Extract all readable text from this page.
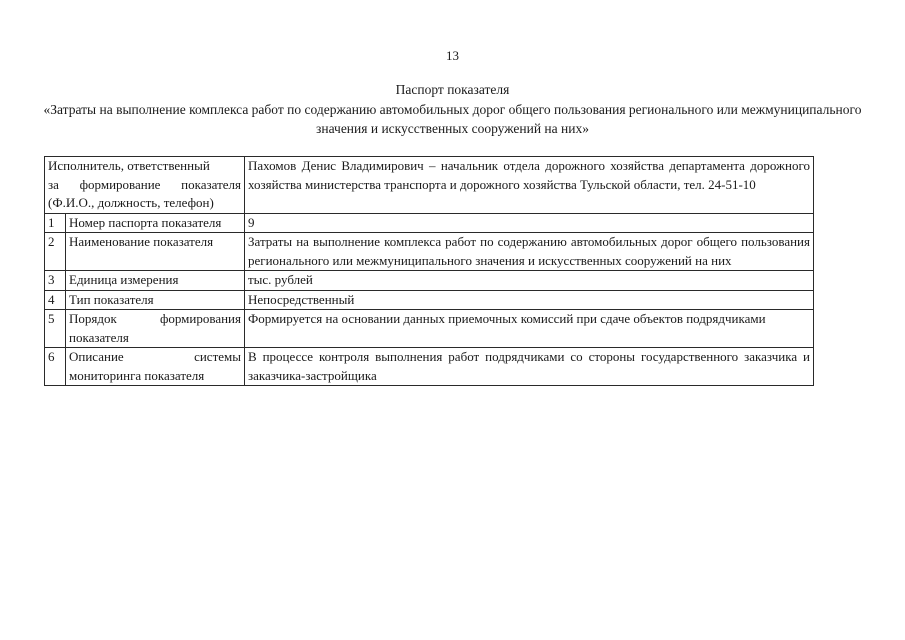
13
Паспорт показателя
«Затраты на выполнение комплекса работ по содержанию автомобильных дорог общего пользования регионального или межмуниципального значения и искусственных сооружений на них»
Исполнитель, ответственный
за формирование показателя
(Ф.И.О., должность, телефон)		Пахомов Денис Владимирович – начальник отдела дорожного хозяйства департамента дорожного хозяйства министерства транспорта и дорожного хозяйства Тульской области, тел. 24-51-10
1	Номер паспорта показателя	9
2	Наименование показателя	Затраты на выполнение комплекса работ по содержанию автомобильных дорог общего пользования регионального или межмуниципального значения и искусственных сооружений на них
3	Единица измерения	тыс. рублей
4	Тип показателя	Непосредственный
5	Порядок формирования показателя	Формируется на основании данных приемочных комиссий при сдаче объектов подрядчиками
6	Описание системы мониторинга показателя	В процессе контроля выполнения работ подрядчиками со стороны государственного заказчика и заказчика-застройщика
